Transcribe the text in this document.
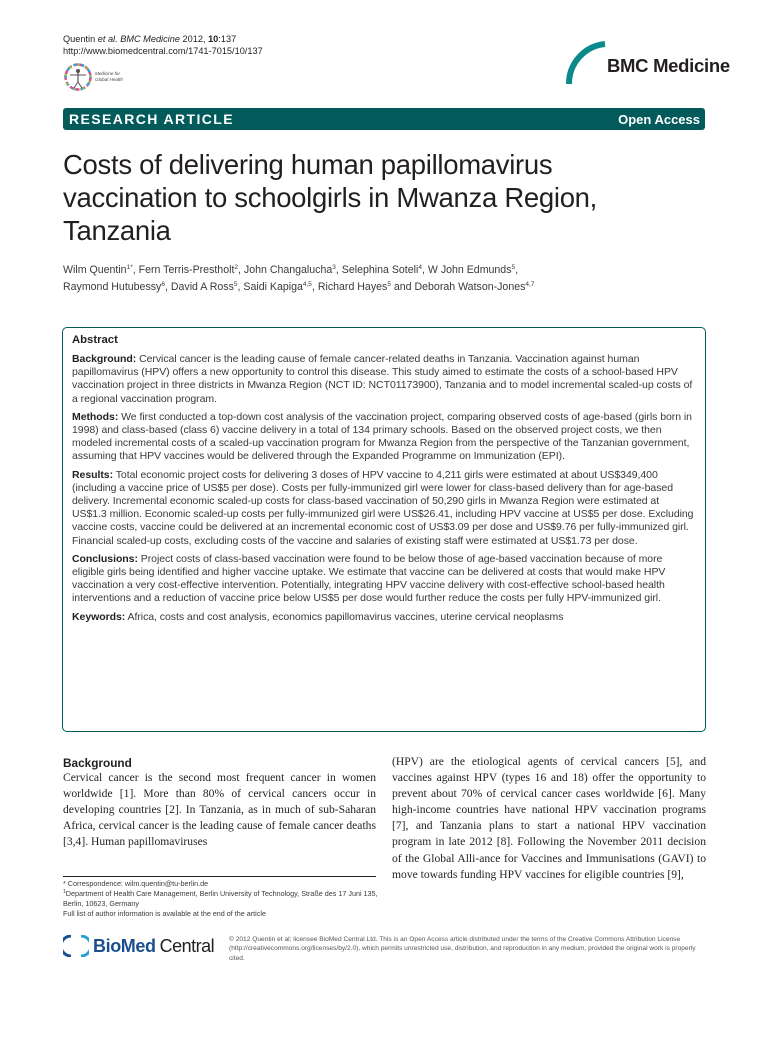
Quentin et al. BMC Medicine 2012, 10:137
http://www.biomedcentral.com/1741-7015/10/137
Medicine for
Global Health
BMC Medicine
RESEARCH ARTICLE	Open Access
Costs of delivering human papillomavirus vaccination to schoolgirls in Mwanza Region, Tanzania
Wilm Quentin$^{1*}$, Fern Terris-Prestholt$^2$, John Changalucha$^3$, Selephina Soteli$^4$, W John Edmunds$^5$,
Raymond Hutubessy$^6$, David A Ross$^5$, Saidi Kapiga$^{4,5}$, Richard Hayes$^5$ and Deborah Watson-Jones$^{4,7}$
Abstract

Background: Cervical cancer is the leading cause of female cancer-related deaths in Tanzania. Vaccination against human papillomavirus (HPV) offers a new opportunity to control this disease. This study aimed to estimate the costs of a school-based HPV vaccination project in three districts in Mwanza Region (NCT ID: NCT01173900), Tanzania and to model incremental scaled-up costs of a regional vaccination program.

Methods: We first conducted a top-down cost analysis of the vaccination project, comparing observed costs of age-based (girls born in 1998) and class-based (class 6) vaccine delivery in a total of 134 primary schools. Based on the observed project costs, we then modeled incremental costs of a scaled-up vaccination program for Mwanza Region from the perspective of the Tanzanian government, assuming that HPV vaccines would be delivered through the Expanded Programme on Immunization (EPI).

Results: Total economic project costs for delivering 3 doses of HPV vaccine to 4,211 girls were estimated at about US$349,400 (including a vaccine price of US$5 per dose). Costs per fully-immunized girl were lower for class-based delivery than for age-based delivery. Incremental economic scaled-up costs for class-based vaccination of 50,290 girls in Mwanza Region were estimated at US$1.3 million. Economic scaled-up costs per fully-immunized girl were US$26.41, including HPV vaccine at US$5 per dose. Excluding vaccine costs, vaccine could be delivered at an incremental economic cost of US$3.09 per dose and US$9.76 per fully-immunized girl. Financial scaled-up costs, excluding costs of the vaccine and salaries of existing staff were estimated at US$1.73 per dose.

Conclusions: Project costs of class-based vaccination were found to be below those of age-based vaccination because of more eligible girls being identified and higher vaccine uptake. We estimate that vaccine can be delivered at costs that would make HPV vaccination a very cost-effective intervention. Potentially, integrating HPV vaccine delivery with cost-effective school-based health interventions and a reduction of vaccine price below US$5 per dose would further reduce the costs per fully HPV-immunized girl.

Keywords: Africa, costs and cost analysis, economics papillomavirus vaccines, uterine cervical neoplasms

Background

Cervical cancer is the second most frequent cancer in women worldwide [1]. More than 80% of cervical cancers occur in developing countries [2]. In Tanzania, as in much of sub-Saharan Africa, cervical cancer is the leading cause of female cancer deaths [3,4]. Human papillomaviruses

(HPV) are the etiological agents of cervical cancers [5], and vaccines against HPV (types 16 and 18) offer the opportunity to prevent about 70% of cervical cancer cases worldwide [6]. Many high-income countries have national HPV vaccination programs [7], and Tanzania plans to start a national HPV vaccination program in late 2012 [8]. Following the November 2011 decision of the Global Alli-ance for Vaccines and Immunisations (GAVI) to move towards funding HPV vaccines for eligible countries [9],

* Correspondence: wilm.quentin@tu-berlin.de
$^1$Department of Health Care Management, Berlin University of Technology, Straße des 17 Juni 135, Berlin, 10623, Germany
Full list of author information is available at the end of the article
BioMed Central © 2012 Quentin et al; licensee BioMed Central Ltd. This is an Open Access article distributed under the terms of the Creative Commons Attribution License (http://creativecommons.org/licenses/by/2.0), which permits unrestricted use, distribution, and reproduction in any medium, provided the original work is properly cited.
